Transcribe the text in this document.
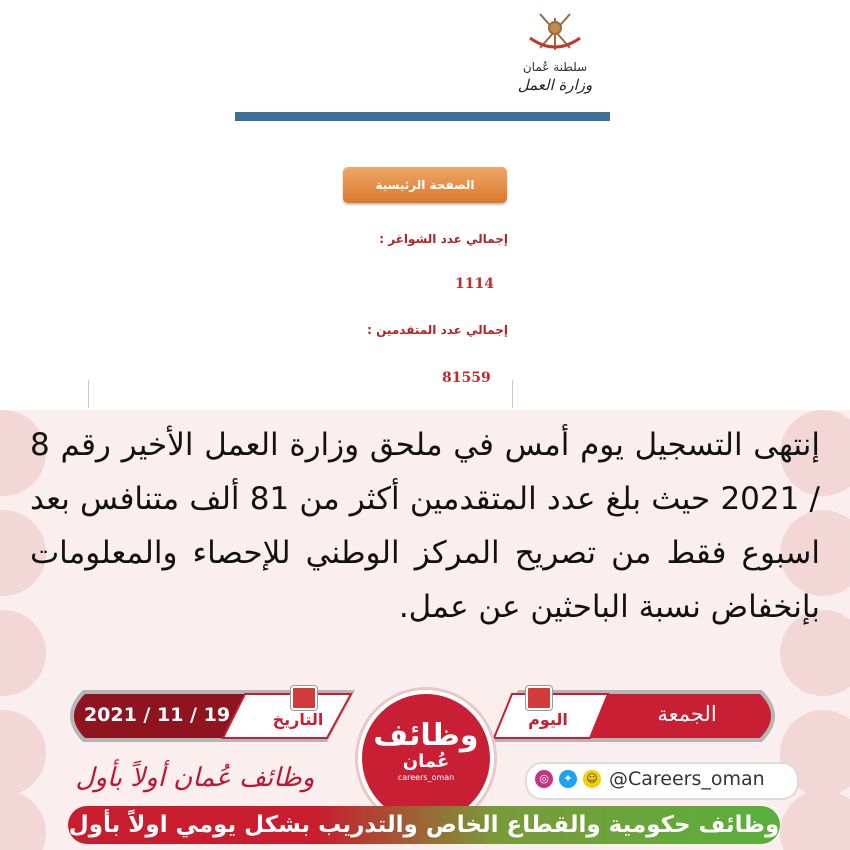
سلطنة عُمان
وزارة العمل
الصفحة الرئيسية
إجمالي عدد الشواغر :
1114
إجمالي عدد المتقدمين :
81559
إنتهى التسجيل يوم أمس في ملحق وزارة العمل الأخير رقم 8 / 2021 حيث بلغ عدد المتقدمين أكثر من 81 ألف متنافس بعد اسبوع فقط من تصريح المركز الوطني للإحصاء والمعلومات بإنخفاض نسبة الباحثين عن عمل.
2021 / 11 / 19	التاريخ	الجمعة
اليوم
وظائف
عُمان
careers_oman	◎	✦	☺ @Careers_oman
وظائف عُمان أولاً بأول
وظائف حكومية والقطاع الخاص والتدريب بشكل يومي اولاً بأول
